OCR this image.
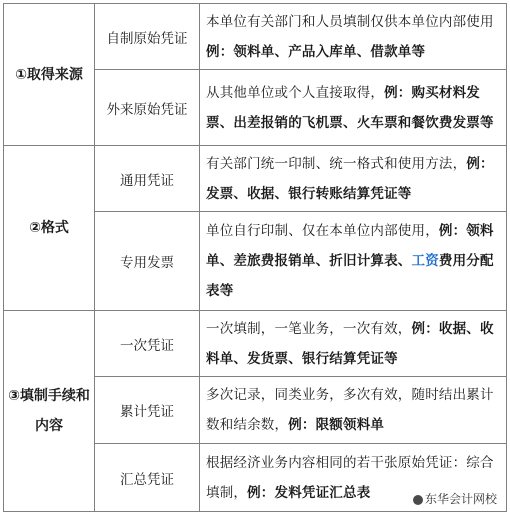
①取得来源	自制原始凭证	本单位有关部门和人员填制仅供本单位内部使用例：领料单、产品入库单、借款单等
	外来原始凭证	从其他单位或个人直接取得，例：购买材料发票、出差报销的飞机票、火车票和餐饮费发票等
②格式	通用凭证	有关部门统一印制、统一格式和使用方法，例：发票、收据、银行转账结算凭证等
	专用发票	单位自行印制、仅在本单位内部使用，例：领料单、差旅费报销单、折旧计算表、工资费用分配表等
③填制手续和内容	一次凭证	一次填制，一笔业务，一次有效，例：收据、收料单、发货票、银行结算凭证等
	累计凭证	多次记录，同类业务，多次有效，随时结出累计数和结余数，例：限额领料单
	汇总凭证	根据经济业务内容相同的若干张原始凭证：综合填制，例：发料凭证汇总表	东华会计网校
